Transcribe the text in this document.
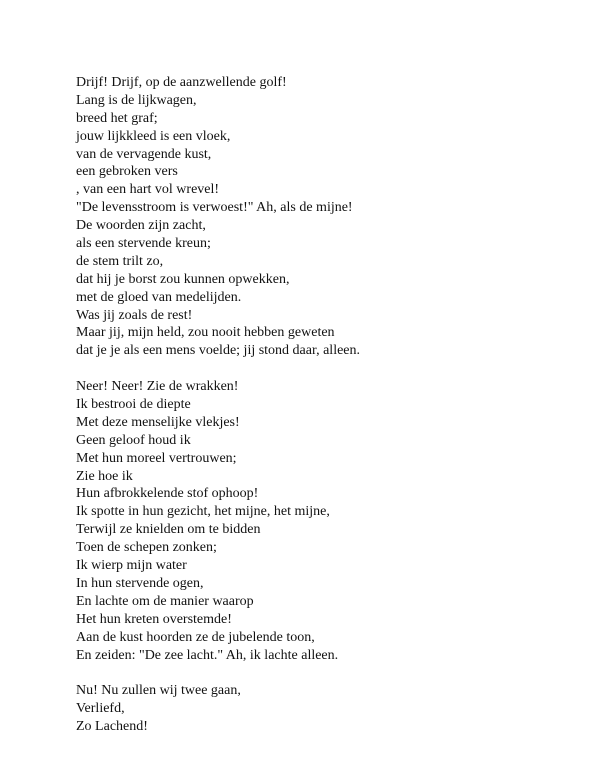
Drijf! Drijf, op de aanzwellende golf!
Lang is de lijkwagen,
breed het graf;
jouw lijkkleed is een vloek,
van de vervagende kust,
een gebroken vers
, van een hart vol wrevel!
"De levensstroom is verwoest!" Ah, als de mijne!
De woorden zijn zacht,
als een stervende kreun;
de stem trilt zo,
dat hij je borst zou kunnen opwekken,
met de gloed van medelijden.
Was jij zoals de rest!
Maar jij, mijn held, zou nooit hebben geweten
dat je je als een mens voelde; jij stond daar, alleen.
Neer! Neer! Zie de wrakken!
Ik bestrooi de diepte
Met deze menselijke vlekjes!
Geen geloof houd ik
Met hun moreel vertrouwen;
Zie hoe ik
Hun afbrokkelende stof ophoop!
Ik spotte in hun gezicht, het mijne, het mijne,
Terwijl ze knielden om te bidden
Toen de schepen zonken;
Ik wierp mijn water
In hun stervende ogen,
En lachte om de manier waarop
Het hun kreten overstemde!
Aan de kust hoorden ze de jubelende toon,
En zeiden: "De zee lacht." Ah, ik lachte alleen.
Nu! Nu zullen wij twee gaan,
Verliefd,
Zo Lachend!
